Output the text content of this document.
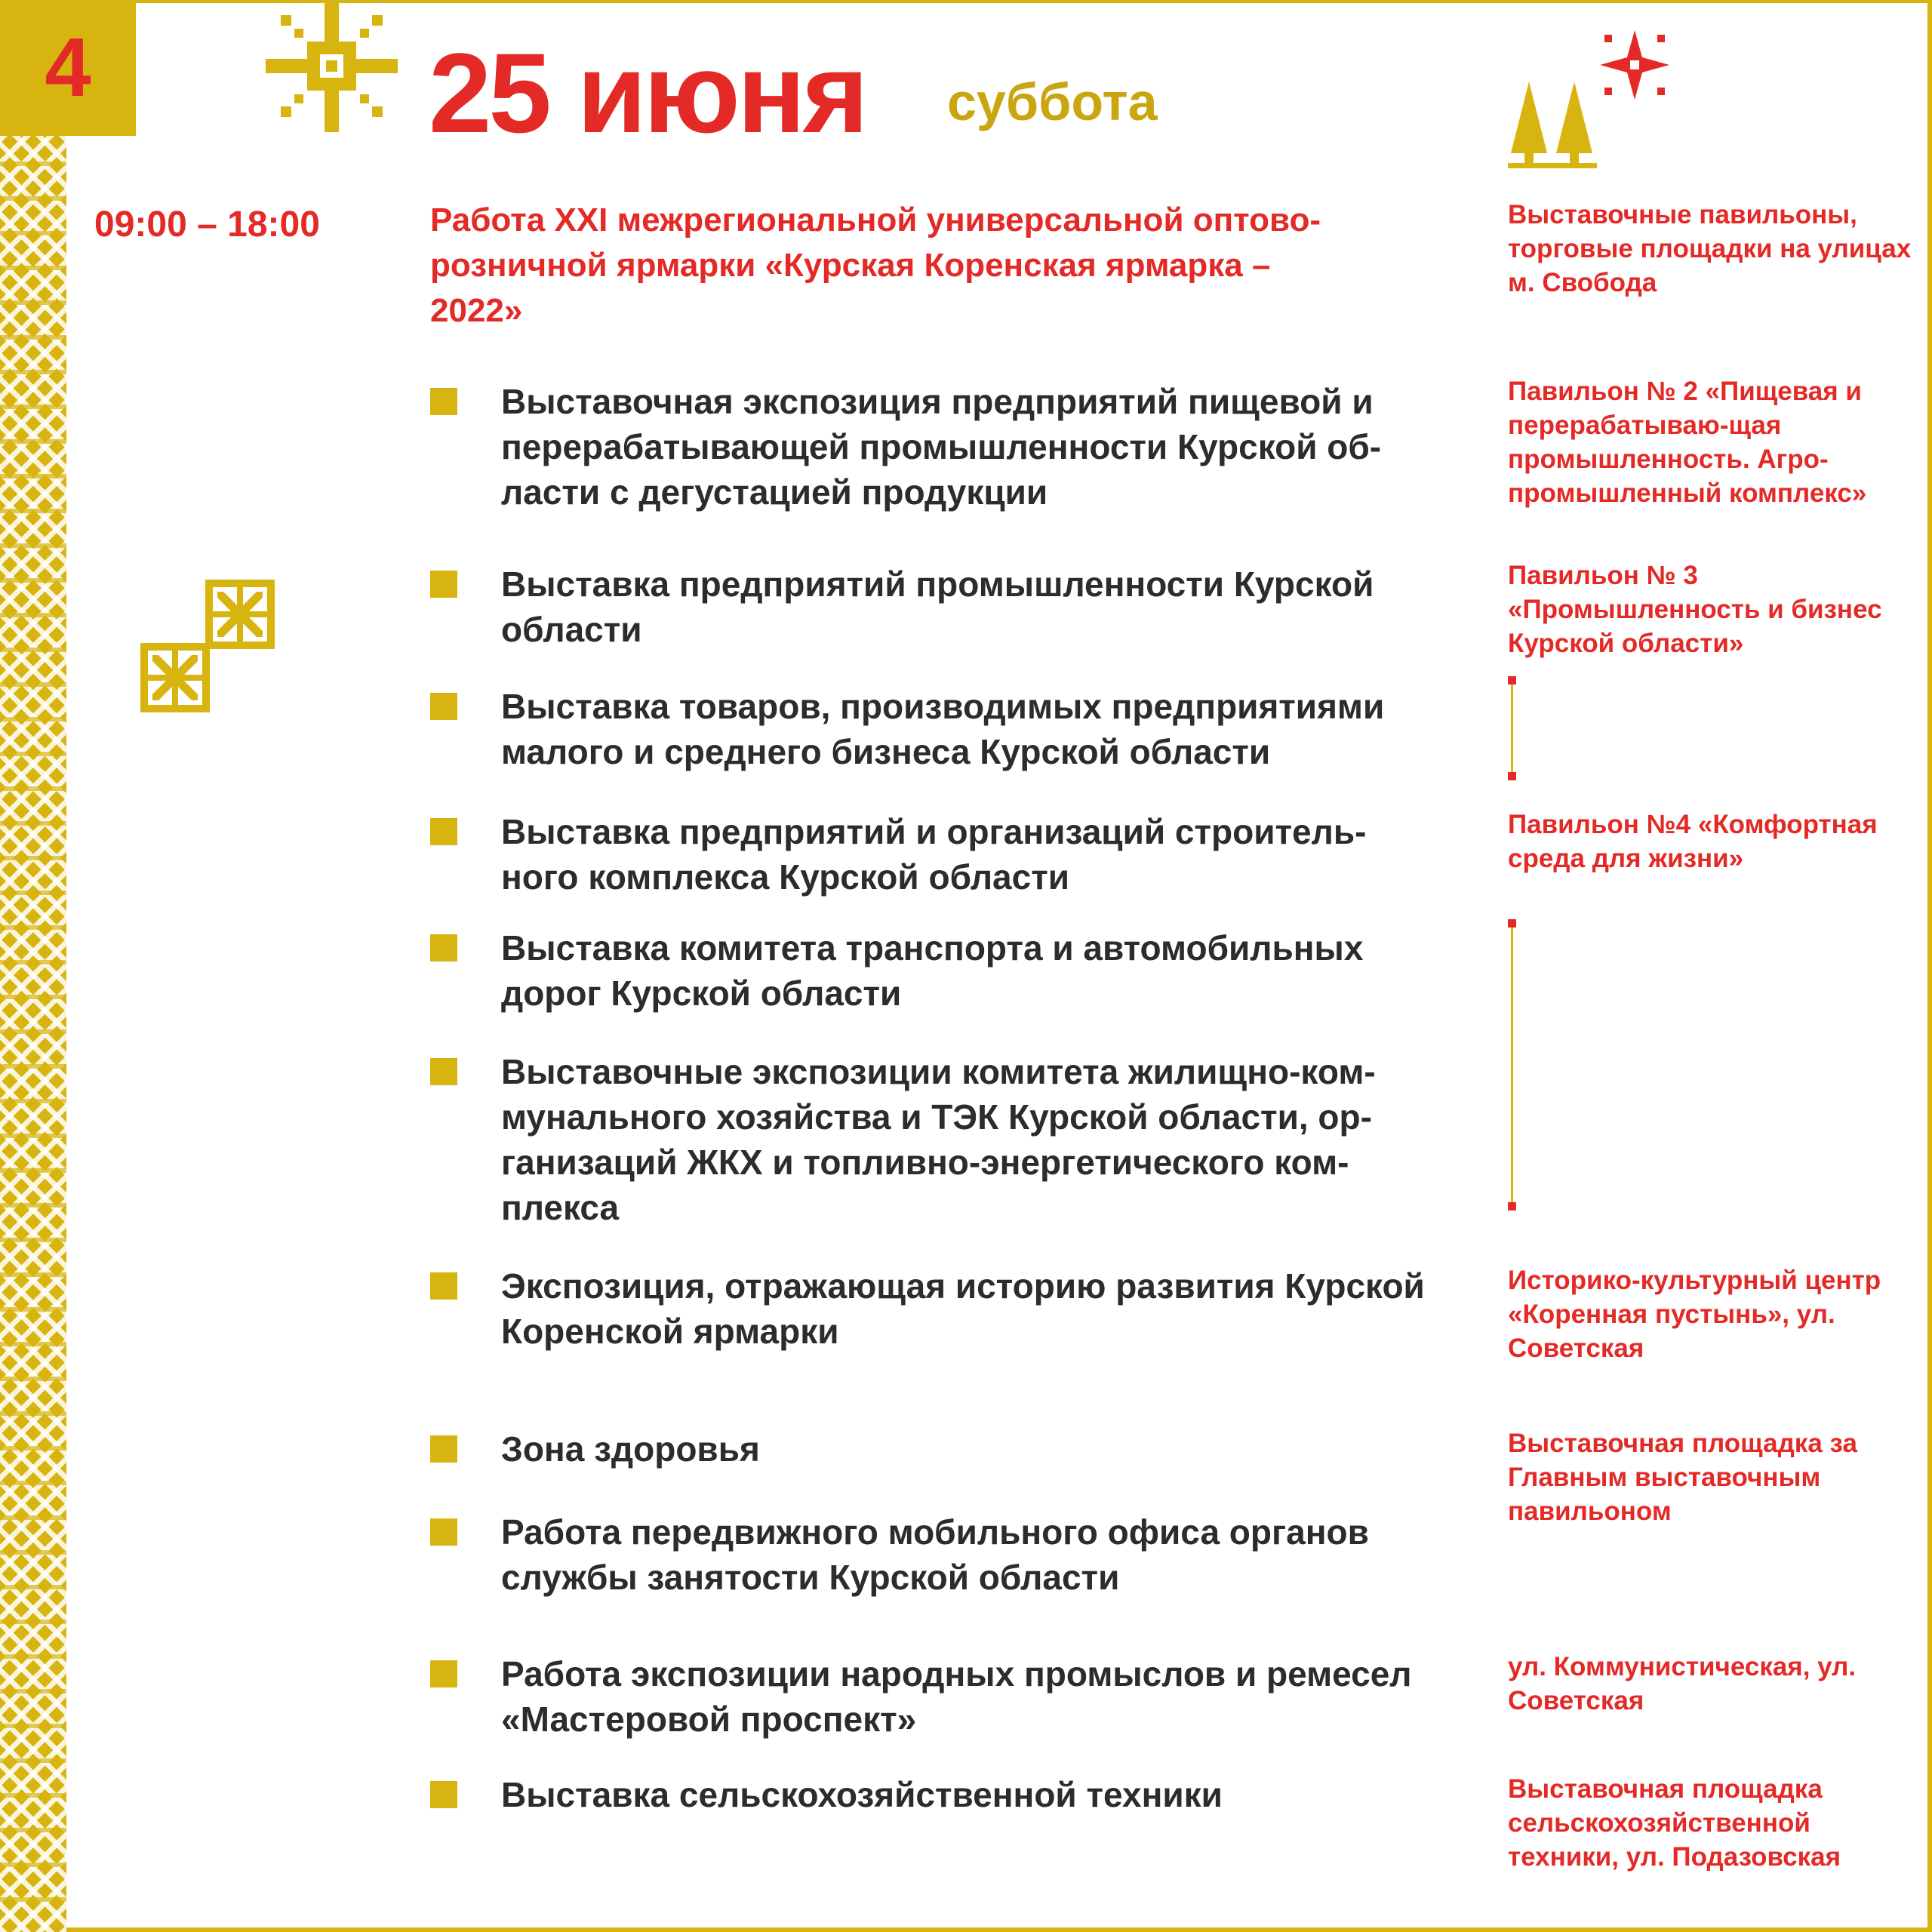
4	25 июня суббота
09:00 – 18:00	Работа XXI межрегиональной универсальной оптово-розничной ярмарки «Курская Коренская ярмарка – 2022»
Выставочные павильоны, торговые площадки на улицах м. Свобода
Выставочная экспозиция предприятий пищевой и перерабатывающей промышленности Курской об-ласти с дегустацией продукции
Выставка предприятий промышленности Курской области
Выставка товаров, производимых предприятиями малого и среднего бизнеса Курской области
Выставка предприятий и организаций строитель-ного комплекса Курской области
Выставка комитета транспорта и автомобильных дорог Курской области
Выставочные экспозиции комитета жилищно-ком-мунального хозяйства и ТЭК Курской области, ор-ганизаций ЖКХ и топливно-энергетического ком-плекса
Экспозиция, отражающая историю развития Курской Коренской ярмарки
Зона здоровья
Работа передвижного мобильного офиса органов службы занятости Курской области
Работа экспозиции народных промыслов и ремесел «Мастеровой проспект»
Выставка сельскохозяйственной техники
Павильон № 2 «Пищевая и перерабатываю-щая промышленность. Агро-промышленный комплекс»
Павильон № 3 «Промышленность и бизнес Курской области»
Павильон №4 «Комфортная среда для жизни»
Историко-культурный центр «Коренная пустынь», ул. Советская
Выставочная площадка за Главным выставочным павильоном
ул. Коммунистическая, ул. Советская
Выставочная площадка сельскохозяйственной техники, ул. Подазовская
